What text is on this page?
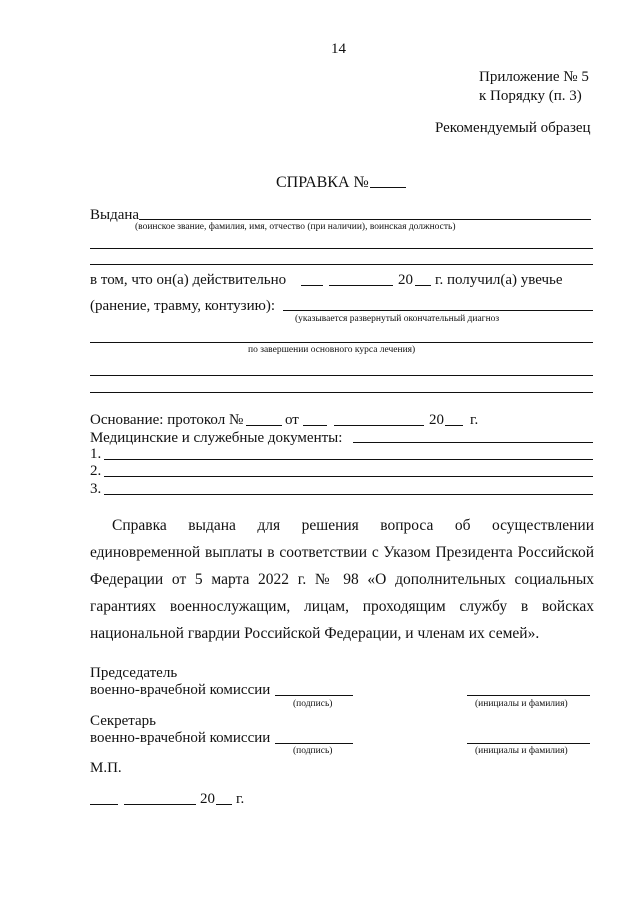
14
Приложение № 5
к Порядку (п. 3)
Рекомендуемый образец
СПРАВКА №
Выдана
(воинское звание, фамилия, имя, отчество (при наличии), воинская должность)
в том, что он(а) действительно	20 г. получил(а) увечье
(ранение, травму, контузию):
(указывается развернутый окончательный диагноз
по завершении основного курса лечения)
Основание: протокол №	от	20 г.
Медицинские и служебные документы:
1.
2.
3.
Справка выдана для решения вопроса об осуществлении единовременной выплаты в соответствии с Указом Президента Российской Федерации от 5 марта 2022 г. № 98 «О дополнительных социальных гарантиях военнослужащим, лицам, проходящим службу в войсках национальной гвардии Российской Федерации, и членам их семей».
Председатель
военно-врачебной комиссии
(подпись)	(инициалы и фамилия)
Секретарь
военно-врачебной комиссии
(подпись)	(инициалы и фамилия)
М.П.
20 г.
